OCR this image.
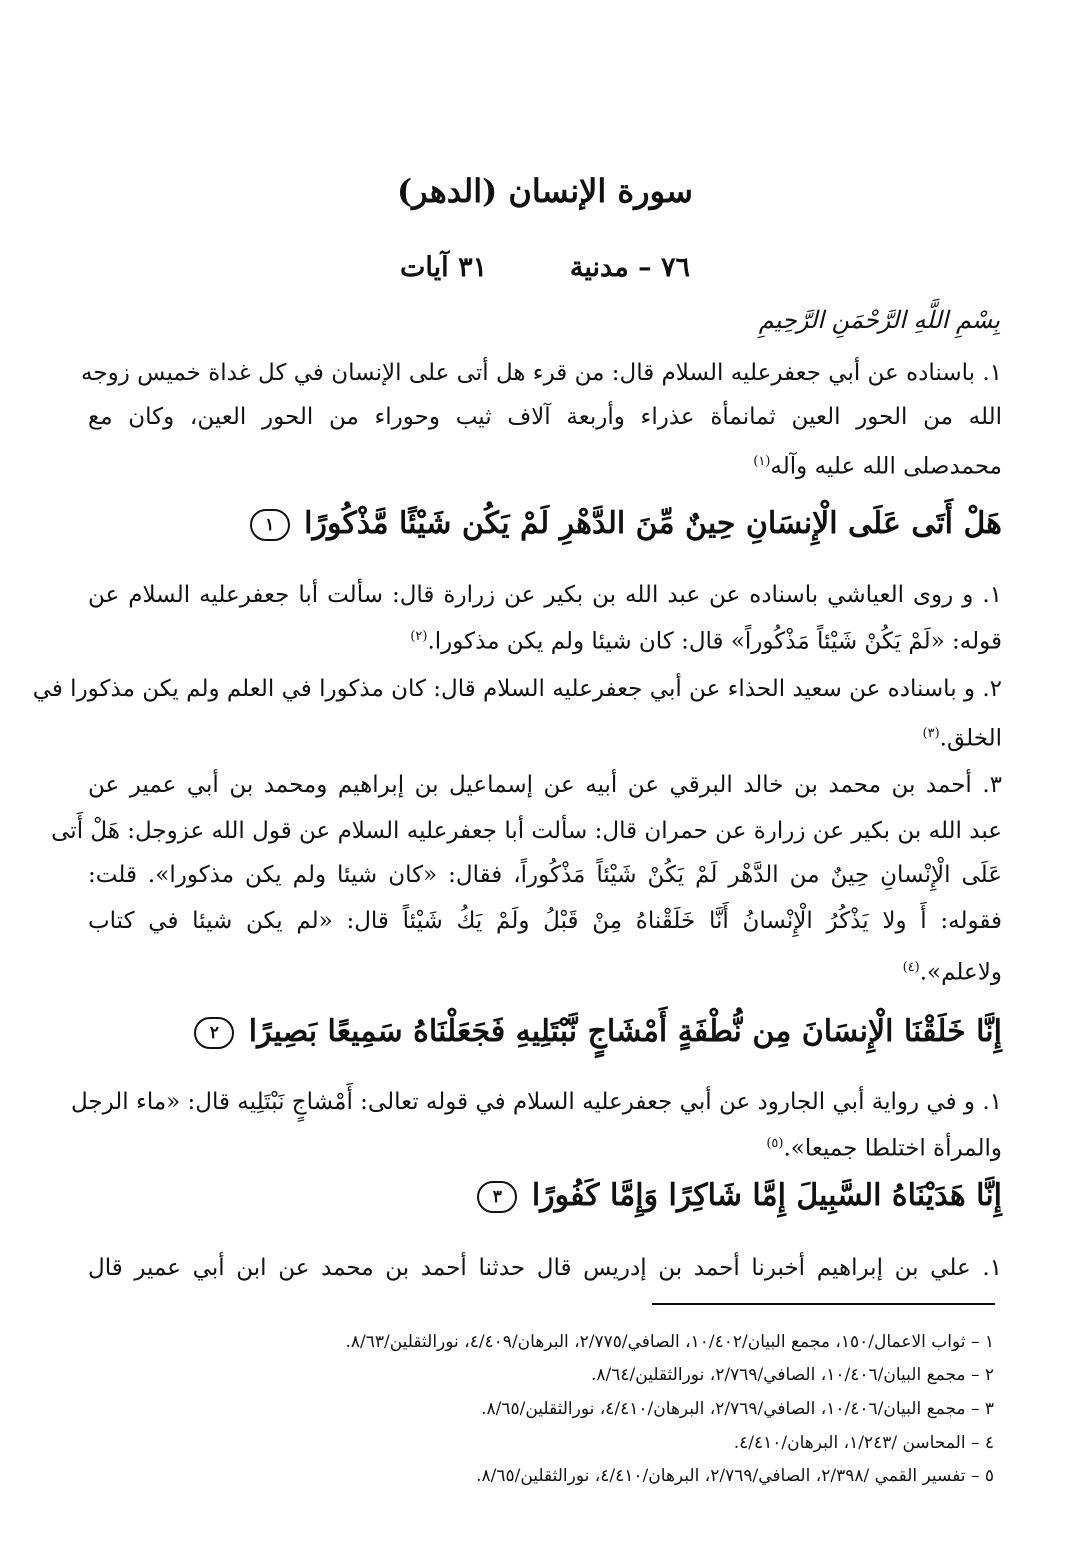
سورة الإنسان (الدهر)
٧٦ – مدنية  ٣١ آيات
بِسْمِ اللَّهِ الرَّحْمَنِ الرَّحِيمِ
١. باسناده عن أبي جعفرعليه السلام قال: من قرء هل أتى على الإنسان في كل غداة خميس زوجه
الله من الحور العين ثمانمأة عذراء وأربعة آلاف ثيب وحوراء من الحور العين، وكان مع
محمدصلى الله عليه وآله$^{(١)}$
هَلْ أَتَى عَلَى الْإِنسَانِ حِينٌ مِّنَ الدَّهْرِ لَمْ يَكُن شَيْئًا مَّذْكُورًا ١
١. و روى العياشي باسناده عن عبد الله بن بكير عن زرارة قال: سألت أبا جعفرعليه السلام عن
قوله: «لَمْ يَكُنْ شَيْئاً مَذْكُوراً» قال: كان شيئا ولم يكن مذكورا.$^{(٢)}$
٢. و باسناده عن سعيد الحذاء عن أبي جعفرعليه السلام قال: كان مذكورا في العلم ولم يكن مذكورا في
الخلق.$^{(٣)}$
٣. أحمد بن محمد بن خالد البرقي عن أبيه عن إسماعيل بن إبراهيم ومحمد بن أبي عمير عن
عبد الله بن بكير عن زرارة عن حمران قال: سألت أبا جعفرعليه السلام عن قول الله عزوجل: هَلْ أَتى
عَلَى الْإِنْسانِ حِينٌ من الدَّهْر لَمْ يَكُنْ شَيْئاً مَذْكُوراً، فقال: «كان شيئا ولم يكن مذكورا». قلت:
فقوله: أَ ولا يَذْكُرُ الْإِنْسانُ أَنَّا خَلَقْناهُ مِنْ قَبْلُ ولَمْ يَكُ شَيْئاً قال: «لم يكن شيئا في كتاب
ولاعلم».$^{(٤)}$
إِنَّا خَلَقْنَا الْإِنسَانَ مِن نُّطْفَةٍ أَمْشَاجٍ نَّبْتَلِيهِ فَجَعَلْنَاهُ سَمِيعًا بَصِيرًا ٢
١. و في رواية أبي الجارود عن أبي جعفرعليه السلام في قوله تعالى: أَمْشاجٍ نَبْتَلِيه قال: «ماء الرجل
والمرأة اختلطا جميعا».$^{(٥)}$
إِنَّا هَدَيْنَاهُ السَّبِيلَ إِمَّا شَاكِرًا وَإِمَّا كَفُورًا ٣
١. علي بن إبراهيم أخبرنا أحمد بن إدريس قال حدثنا أحمد بن محمد عن ابن أبي عمير قال
١ – ثواب الاعمال/١٥٠، مجمع البيان/١٠/٤٠٢، الصافي/٢/٧٧٥، البرهان/٤/٤٠٩، نورالثقلين/٨/٦٣.
٢ – مجمع البيان/١٠/٤٠٦، الصافي/٢/٧٦٩، نورالثقلين/٨/٦٤.
٣ – مجمع البيان/١٠/٤٠٦، الصافي/٢/٧٦٩، البرهان/٤/٤١٠، نورالثقلين/٨/٦٥.
٤ – المحاسن /١/٢٤٣، البرهان/٤/٤١٠.
٥ – تفسير القمي /٢/٣٩٨، الصافي/٢/٧٦٩، البرهان/٤/٤١٠، نورالثقلين/٨/٦٥.
